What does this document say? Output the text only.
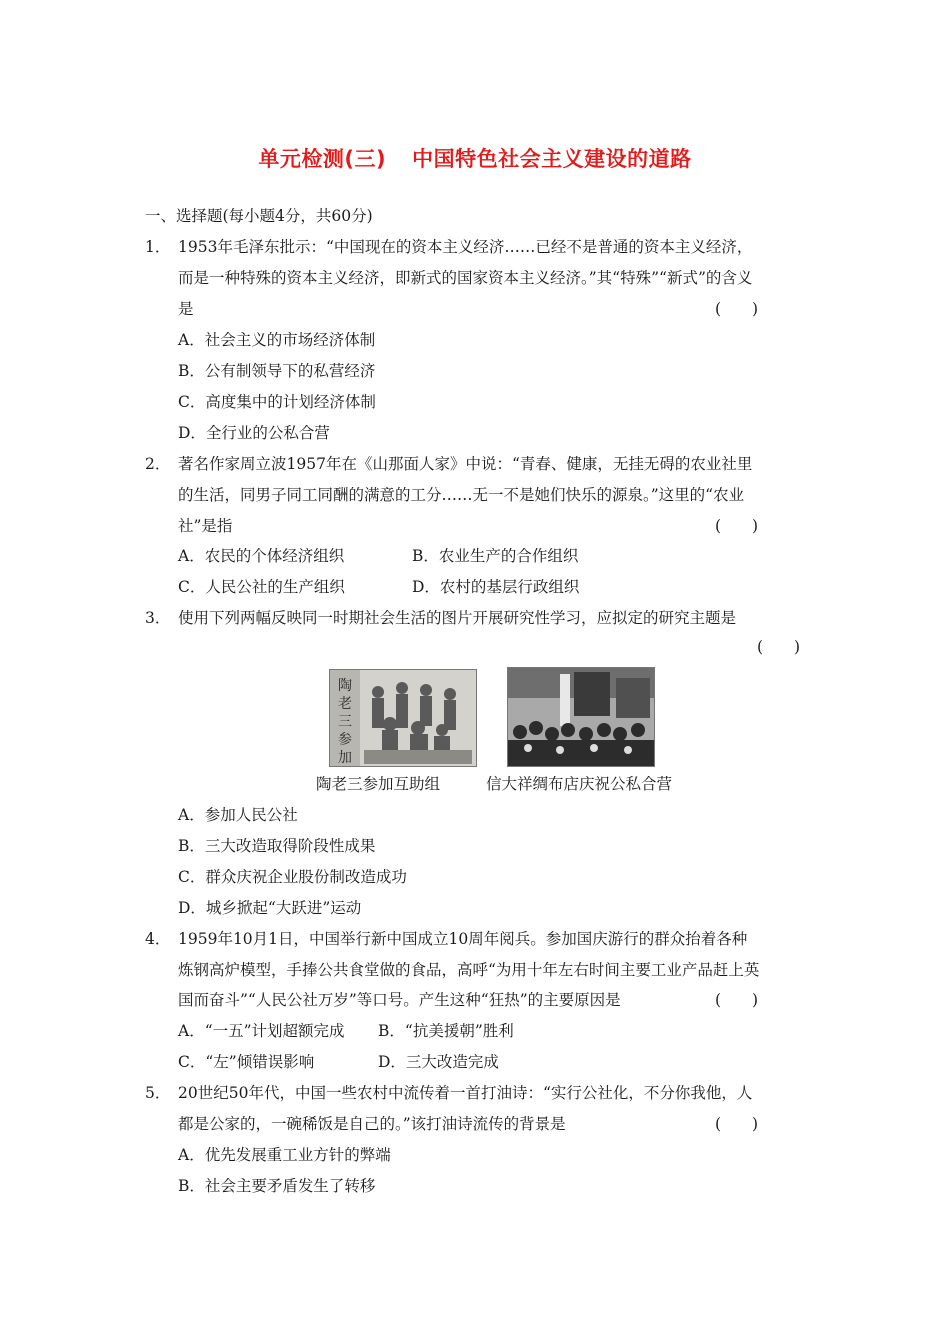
单元检测(三) 中国特色社会主义建设的道路
一、选择题(每小题4分，共60分)
1． 1953年毛泽东批示：“中国现在的资本主义经济……已经不是普通的资本主义经济，
而是一种特殊的资本主义经济，即新式的国家资本主义经济。”其“特殊”“新式”的含义
是	(　　)
A．社会主义的市场经济体制
B．公有制领导下的私营经济
C．高度集中的计划经济体制
D．全行业的公私合营
2． 著名作家周立波1957年在《山那面人家》中说：“青春、健康，无挂无碍的农业社里
的生活，同男子同工同酬的满意的工分……无一不是她们快乐的源泉。”这里的“农业
社”是指	(　　)
A．农民的个体经济组织	B．农业生产的合作组织
C．人民公社的生产组织	D．农村的基层行政组织
3． 使用下列两幅反映同一时期社会生活的图片开展研究性学习，应拟定的研究主题是
(　　)
陶
老
三
参
加
陶老三参加互助组	信大祥绸布店庆祝公私合营
A．参加人民公社
B．三大改造取得阶段性成果
C．群众庆祝企业股份制改造成功
D．城乡掀起“大跃进”运动
4． 1959年10月1日，中国举行新中国成立10周年阅兵。参加国庆游行的群众抬着各种
炼钢高炉模型，手捧公共食堂做的食品，高呼“为用十年左右时间主要工业产品赶上英
国而奋斗”“人民公社万岁”等口号。产生这种“狂热”的主要原因是	(　　)
A．“一五”计划超额完成 B．“抗美援朝”胜利
C．“左”倾错误影响	D．三大改造完成
5． 20世纪50年代，中国一些农村中流传着一首打油诗：“实行公社化，不分你我他，人
都是公家的，一碗稀饭是自己的。”该打油诗流传的背景是	(　　)
A．优先发展重工业方针的弊端
B．社会主要矛盾发生了转移
